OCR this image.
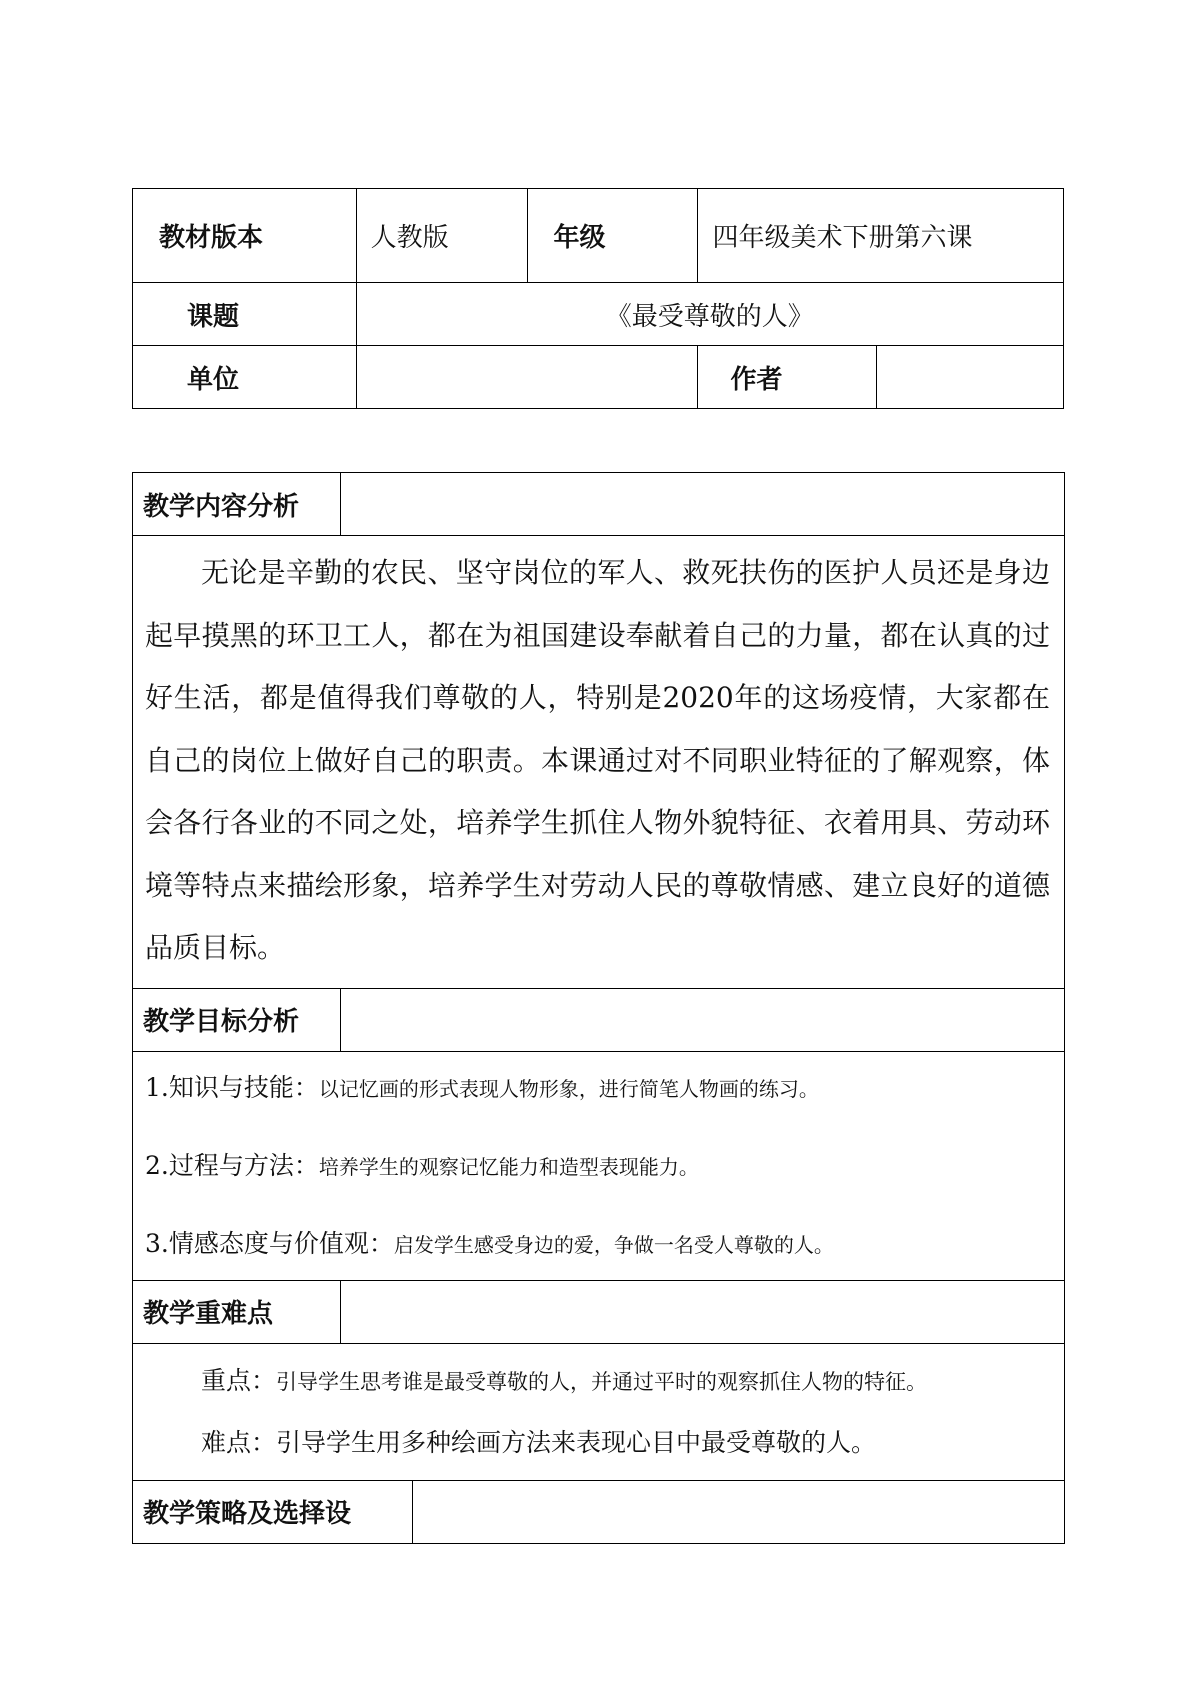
教材版本	人教版	年级	四年级美术下册第六课	
课题	《最受尊敬的人》			
单位			作者	
教学内容分析		
无论是辛勤的农民、坚守岗位的军人、救死扶伤的医护人员还是身边起早摸黑的环卫工人，都在为祖国建设奉献着自己的力量，都在认真的过好生活，都是值得我们尊敬的人，特别是2020年的这场疫情，大家都在自己的岗位上做好自己的职责。本课通过对不同职业特征的了解观察，体会各行各业的不同之处，培养学生抓住人物外貌特征、衣着用具、劳动环境等特点来描绘形象，培养学生对劳动人民的尊敬情感、建立良好的道德品质目标。		
教学目标分析		

1.知识与技能：以记忆画的形式表现人物形象，进行简笔人物画的练习。
2.过程与方法：培养学生的观察记忆能力和造型表现能力。
3.情感态度与价值观：启发学生感受身边的爱，争做一名受人尊敬的人。		

教学重难点		

重点：引导学生思考谁是最受尊敬的人，并通过平时的观察抓住人物的特征。
难点：引导学生用多种绘画方法来表现心目中最受尊敬的人。		

教学策略及选择设		
